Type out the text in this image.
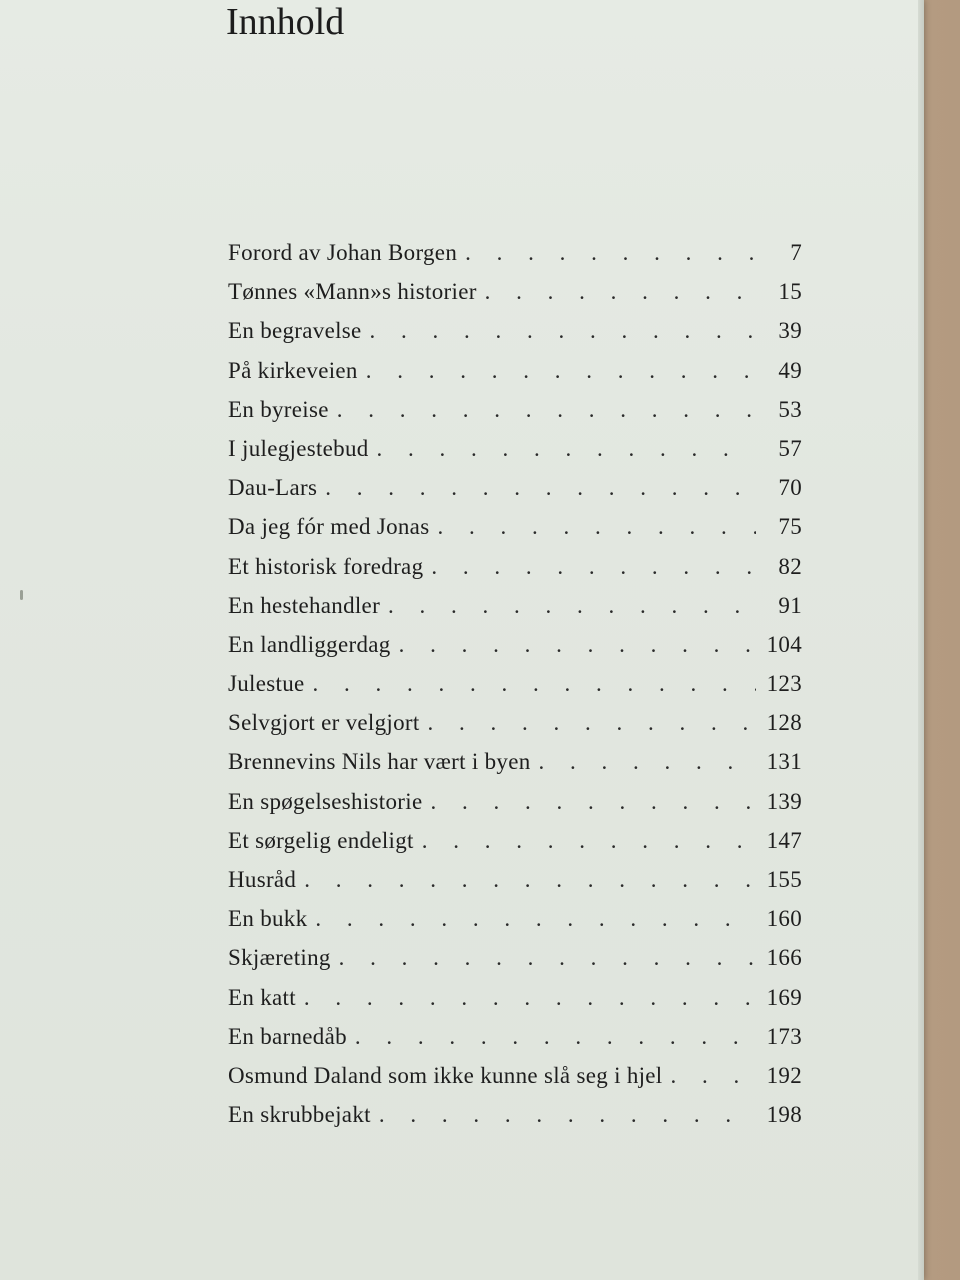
Innhold
Forord av Johan Borgen . . .	7
Tønnes «Mann»s historier . . .	15
En begravelse . . .	39
På kirkeveien . . .	49
En byreise . . .	53
I julegjestebud . . .	57
Dau-Lars . . .	70
Da jeg fór med Jonas . . .	75
Et historisk foredrag . . .	82
En hestehandler . . .	91
En landliggerdag . . .	104
Julestue . . .	123
Selvgjort er velgjort . . .	128
Brennevins Nils har vært i byen . . .	131
En spøgelseshistorie . . .	139
Et sørgelig endeligt . . .	147
Husråd . . .	155
En bukk . . .	160
Skjæreting . . .	166
En katt . . .	169
En barnedåb . . .	173
Osmund Daland som ikke kunne slå seg i hjel . . .	192
En skrubbejakt . . .	198
